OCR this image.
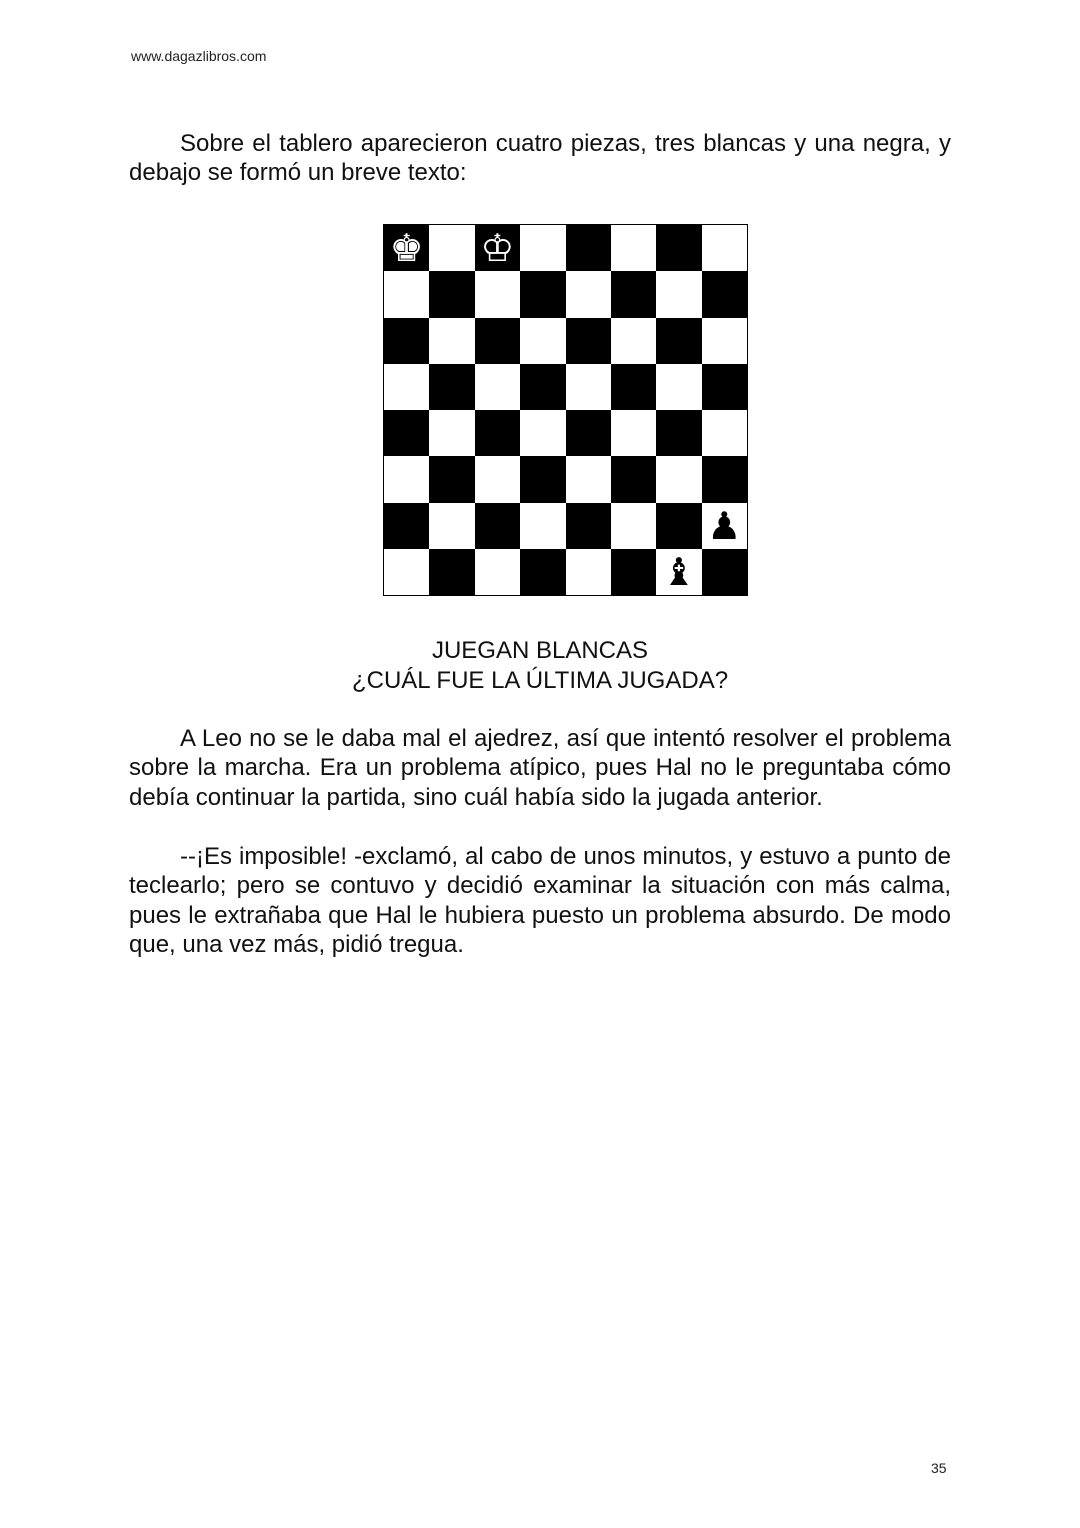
www.dagazlibros.com

Sobre el tablero aparecieron cuatro piezas, tres blancas y una negra, y debajo se formó un breve texto:

♚ ♔
♟
♝
JUEGAN BLANCAS
¿CUÁL FUE LA ÚLTIMA JUGADA?

A Leo no se le daba mal el ajedrez, así que intentó resolver el problema sobre la marcha. Era un problema atípico, pues Hal no le preguntaba cómo debía continuar la partida, sino cuál había sido la jugada anterior.

--¡Es imposible! -exclamó, al cabo de unos minutos, y estuvo a punto de teclearlo; pero se contuvo y decidió examinar la situación con más calma, pues le extrañaba que Hal le hubiera puesto un problema absurdo. De modo que, una vez más, pidió tregua.

35
